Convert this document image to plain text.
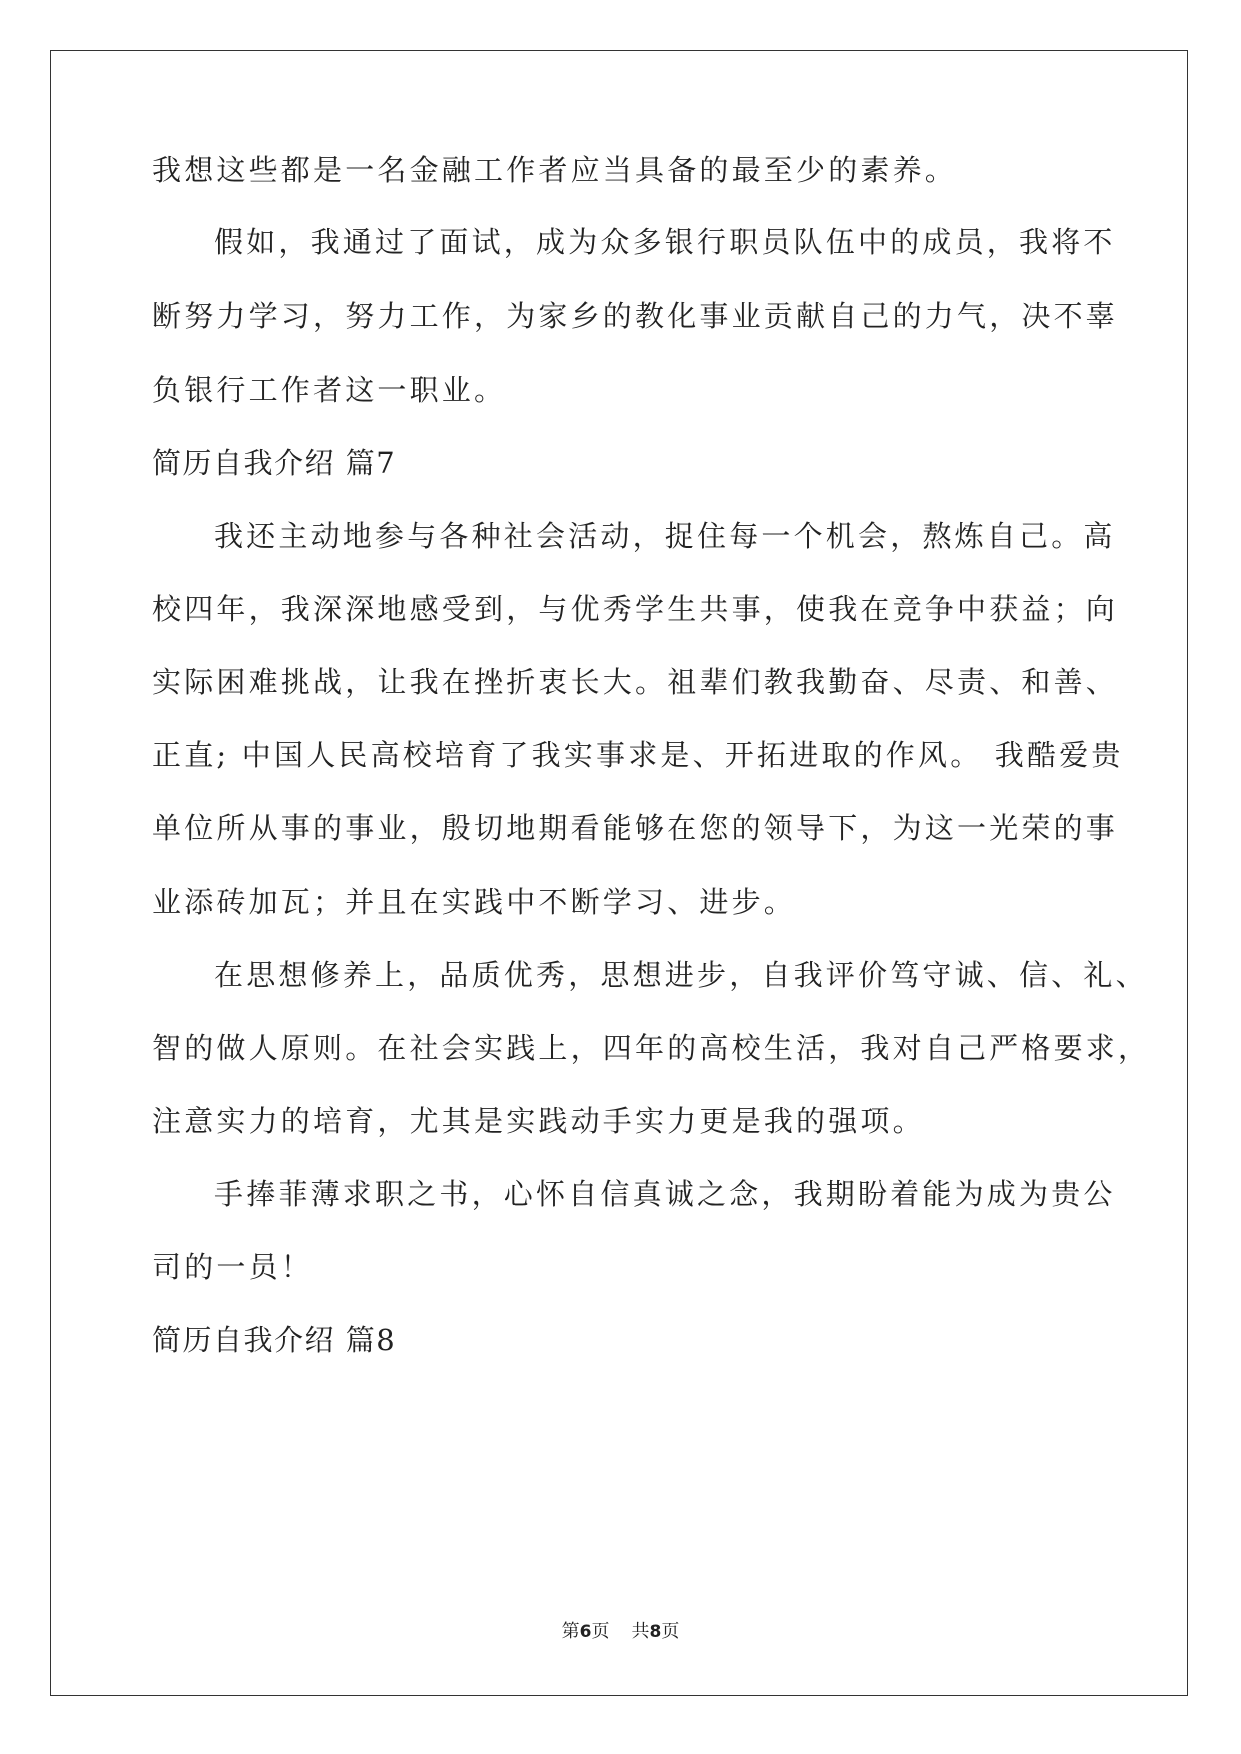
我想这些都是一名金融工作者应当具备的最至少的素养。
假如，我通过了面试，成为众多银行职员队伍中的成员，我将不
断努力学习，努力工作，为家乡的教化事业贡献自己的力气，决不辜
负银行工作者这一职业。
简历自我介绍 篇7
我还主动地参与各种社会活动，捉住每一个机会，熬炼自己。高
校四年，我深深地感受到，与优秀学生共事，使我在竞争中获益；向
实际困难挑战，让我在挫折衷长大。祖辈们教我勤奋、尽责、和善、
正直; 中国人民高校培育了我实事求是、开拓进取的作风。 我酷爱贵
单位所从事的事业，殷切地期看能够在您的领导下，为这一光荣的事
业添砖加瓦；并且在实践中不断学习、进步。
在思想修养上，品质优秀，思想进步，自我评价笃守诚、信、礼、
智的做人原则。在社会实践上，四年的高校生活，我对自己严格要求，
注意实力的培育，尤其是实践动手实力更是我的强项。
手捧菲薄求职之书，心怀自信真诚之念，我期盼着能为成为贵公
司的一员！
简历自我介绍 篇8
第6页 共8页
